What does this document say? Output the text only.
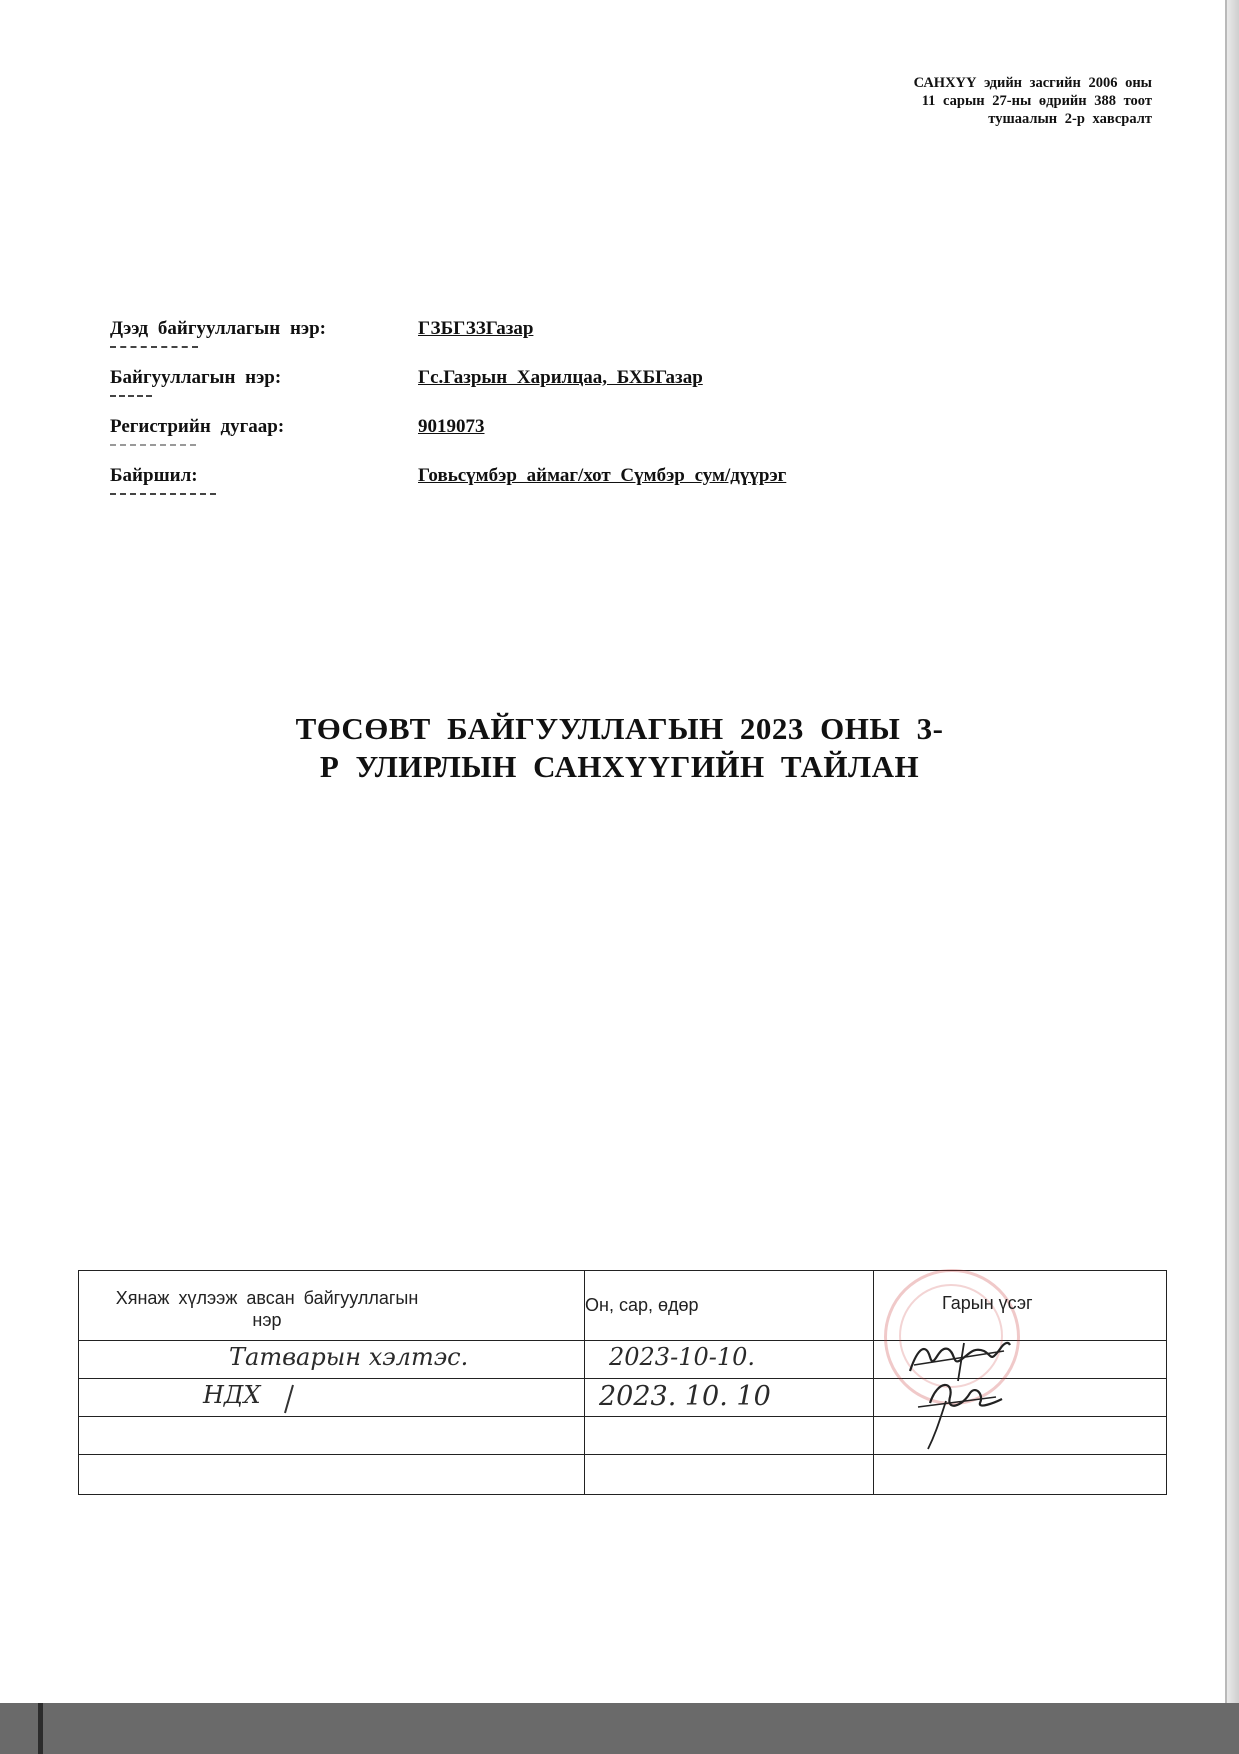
САНХҮҮ эдийн засгийн 2006 оны
11 сарын 27-ны өдрийн 388 тоот
тушаалын 2-р хавсралт
Дээд байгууллагын нэр:	ГЗБГЗЗГазар
Байгууллагын нэр:	Гс.Газрын Харилцаа, БХБГазар
Регистрийн дугаар:	9019073
Байршил:	Говьсүмбэр аймаг/хот Сүмбэр сум/дүүрэг
ТӨСӨВТ БАЙГУУЛЛАГЫН 2023 ОНЫ 3-
Р УЛИРЛЫН САНХҮҮГИЙН ТАЙЛАН
Хянаж хүлээж авсан байгууллагын
нэр	Он, сар, өдөр	Гарын үсэг

Татварын хэлтэс.	2023-10-10.

НДХ	2023. 10. 10
